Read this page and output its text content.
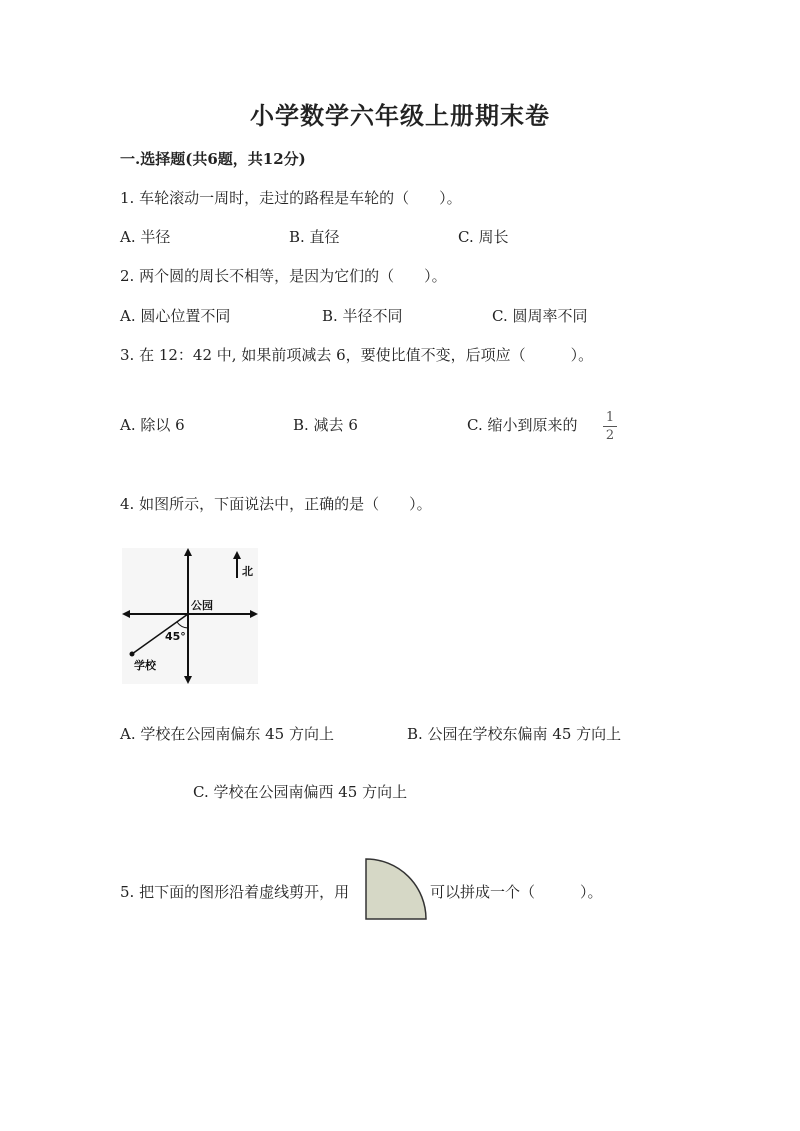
小学数学六年级上册期末卷
一.选择题(共6题，共12分)
1. 车轮滚动一周时，走过的路程是车轮的（　　）。
A. 半径	B. 直径	C. 周长
2. 两个圆的周长不相等，是因为它们的（　　）。
A. 圆心位置不同	B. 半径不同	C. 圆周率不同
3. 在 12：42 中, 如果前项减去 6，要使比值不变，后项应（　　　）。
A. 除以 6	B. 减去 6	C. 缩小到原来的	1
2
4. 如图所示，下面说法中，正确的是（　　）。
北
公园
45°
学校
A. 学校在公园南偏东 45 方向上	B. 公园在学校东偏南 45 方向上
C. 学校在公园南偏西 45 方向上
5. 把下面的图形沿着虚线剪开，用	可以拼成一个（　　　）。
